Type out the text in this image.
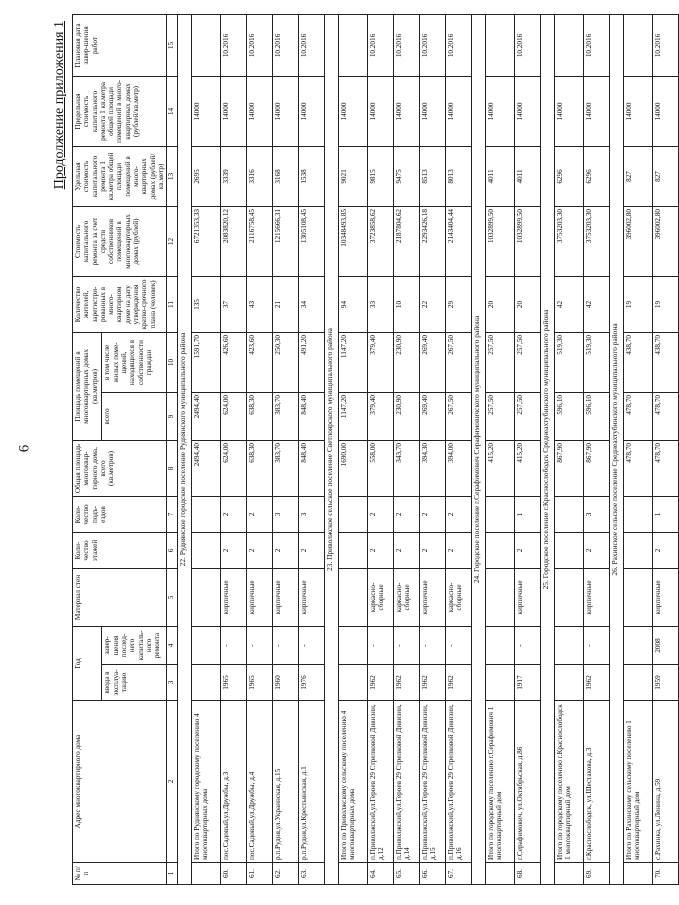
6
Продолжение приложения 1
№ п/п	Адрес многоквартирного дома	Год		Материал стен	Коли-чество этажей	Коли-чество подъ-ездов	Общая площадь многоквар-тирного дома, всего (кв.метров)	Площадь помещений в многоквартирных домах (кв.метров)		Количество жителей, зарегистри-рованных в много-квартирном доме на дату утверждения кратко-срочного плана (человек)	Стоимость капитального ремонта за счет средств собственников помещений в многоквартирных домах (рублей)	Удельная стоимость капитального ремонта 1 кв.метра общей площади помещений в много-квартирных домах (рублей/кв.метр)	Предельная стоимость капитального ремонта 1 кв.метра общей площади помещений в много-квартирных домах (рублей/кв.метр)	Плановая дата завер-шения работ
		ввода в эксплуа-тацию	завер-шения послед-него капиталь-ного ремонта					всего	в том числе жилых поме-щений, находящихся в собственности граждан					
1	2	3	4	5	6	7	8	9	10	11	12	13	14	15
22. Руднянское городское поселение Руднянского муниципального района														
	Итого по Руднянскому городскому поселению 4 многоквартирных дома						2494,40	2494,40	1591,70	135	6721353,33	2695	14000	
60.	пос.Садовый,ул.Дружбы, д.3	1965	-	кирпичные	2	2	624,00	624,00	426,60	37	2083820,12	3339	14000	10.2016
61.	пос.Садовый,ул.Дружбы, д.4	1965	-	кирпичные	2	2	638,30	638,30	423,60	43	2116758,45	3316	14000	10.2016
62.	р.п.Рудня,ул.Украинская, д.15	1960	-	кирпичные	2	3	383,70	383,70	250,30	21	1215666,31	3168	14000	10.2016
63.	р.п.Рудня,ул.Крестьянская, д.1	1976	-	кирпичные	2	3	848,40	848,40	491,20	34	1305108,45	1538	14000	10.2016
23. Приволжское сельское поселение Светлоярского муниципального района														
	Итого по Приволжскому сельскому поселению 4 многоквартирных дома						1690,00	1147,20	1147,20	94	10348493,85	9021	14000	
64.	п.Приволжский,ул.Героев 29 Стрелковой Дивизии, д.12	1962	-	каркасно-сборные	2	2	558,00	379,40	379,40	33	3723858,62	9815	14000	10.2016
65.	п.Приволжский,ул.Героев 29 Стрелковой Дивизии, д.14	1962	-	каркасно-сборные	2	2	343,70	230,90	230,90	10	2187804,62	9475	14000	10.2016
66.	п.Приволжский,ул.Героев 29 Стрелковой Дивизии, д.15	1962	-	кирпичные	2	2	394,30	269,40	269,40	22	2293426,18	8513	14000	10.2016
67.	п.Приволжский,ул.Героев 29 Стрелковой Дивизии, д.16	1962	-	каркасно-сборные	2	2	394,00	267,50	267,50	29	2143404,44	8013	14000	10.2016
24. Городское поселение г.Серафимович Серафимовичского муниципального района														
	Итого по городскому поселению г.Серафимович 1 многоквартирный дом						415,20	257,50	257,50	20	1032899,50	4011	14000	
68.	г.Серафимович, ул.Октябрьская, д.86	1917	-	кирпичные	2	1	415,20	257,50	257,50	20	1032899,50	4011	14000	10.2016
25. Городское поселение г.Краснослободск Среднеахтубинского муниципального района														
	Итого по городскому поселению г.Краснослободск 1 многоквартирный дом						867,90	596,10	519,30	42	3753203,30	6296	14000	
69.	г.Краснослободск, ул.Шестакова, д.3	1962	-	кирпичные	2	3	867,90	596,10	519,30	42	3753203,30	6296	14000	10.2016
26. Рахинское сельское поселение Среднеахтубинского муниципального района														
	Итого по Рахинскому сельскому поселению 1 многоквартирный дом						478,70	478,70	438,70	19	396002,80	827	14000	
70.	с.Рахинка, ул.Ленина, д.59	1959	2008	кирпичные	2	1	478,70	478,70	438,70	19	396002,80	827	14000	10.2016
